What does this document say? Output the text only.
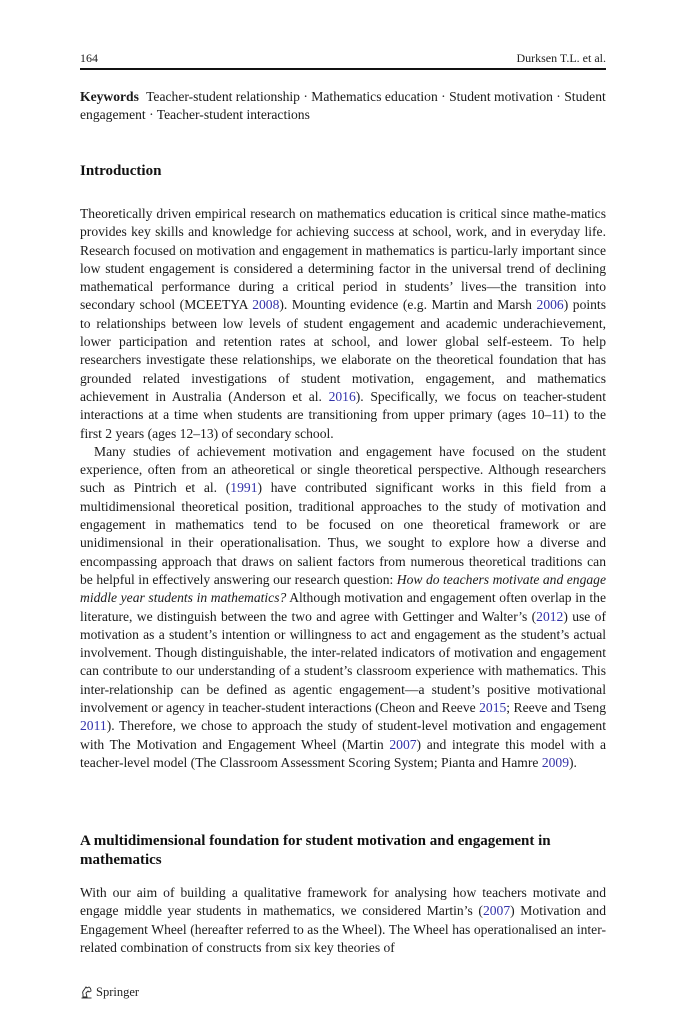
164	Durksen T.L. et al.
Keywords Teacher-student relationship · Mathematics education · Student motivation · Student engagement · Teacher-student interactions
Introduction

Theoretically driven empirical research on mathematics education is critical since mathe-matics provides key skills and knowledge for achieving success at school, work, and in everyday life. Research focused on motivation and engagement in mathematics is particu-larly important since low student engagement is considered a determining factor in the universal trend of declining mathematical performance during a critical period in students’ lives—the transition into secondary school (MCEETYA 2008). Mounting evidence (e.g. Martin and Marsh 2006) points to relationships between low levels of student engagement and academic underachievement, lower participation and retention rates at school, and lower global self-esteem. To help researchers investigate these relationships, we elaborate on the theoretical foundation that has grounded related investigations of student motivation, engagement, and mathematics achievement in Australia (Anderson et al. 2016). Specifically, we focus on teacher-student interactions at a time when students are transitioning from upper primary (ages 10–11) to the first 2 years (ages 12–13) of secondary school.

Many studies of achievement motivation and engagement have focused on the student experience, often from an atheoretical or single theoretical perspective. Although researchers such as Pintrich et al. (1991) have contributed significant works in this field from a multidimensional theoretical position, traditional approaches to the study of motivation and engagement in mathematics tend to be focused on one theoretical framework or are unidimensional in their operationalisation. Thus, we sought to explore how a diverse and encompassing approach that draws on salient factors from numerous theoretical traditions can be helpful in effectively answering our research question: How do teachers motivate and engage middle year students in mathematics? Although motivation and engagement often overlap in the literature, we distinguish between the two and agree with Gettinger and Walter’s (2012) use of motivation as a student’s intention or willingness to act and engagement as the student’s actual involvement. Though distinguishable, the inter-related indicators of motivation and engagement can contribute to our understanding of a student’s classroom experience with mathematics. This inter-relationship can be defined as agentic engagement—a student’s positive motivational involvement or agency in teacher-student interactions (Cheon and Reeve 2015; Reeve and Tseng 2011). Therefore, we chose to approach the study of student-level motivation and engagement with The Motivation and Engagement Wheel (Martin 2007) and integrate this model with a teacher-level model (The Classroom Assessment Scoring System; Pianta and Hamre 2009).

A multidimensional foundation for student motivation and engagement in mathematics

With our aim of building a qualitative framework for analysing how teachers motivate and engage middle year students in mathematics, we considered Martin’s (2007) Motivation and Engagement Wheel (hereafter referred to as the Wheel). The Wheel has operationalised an inter-related combination of constructs from six key theories of

Springer
